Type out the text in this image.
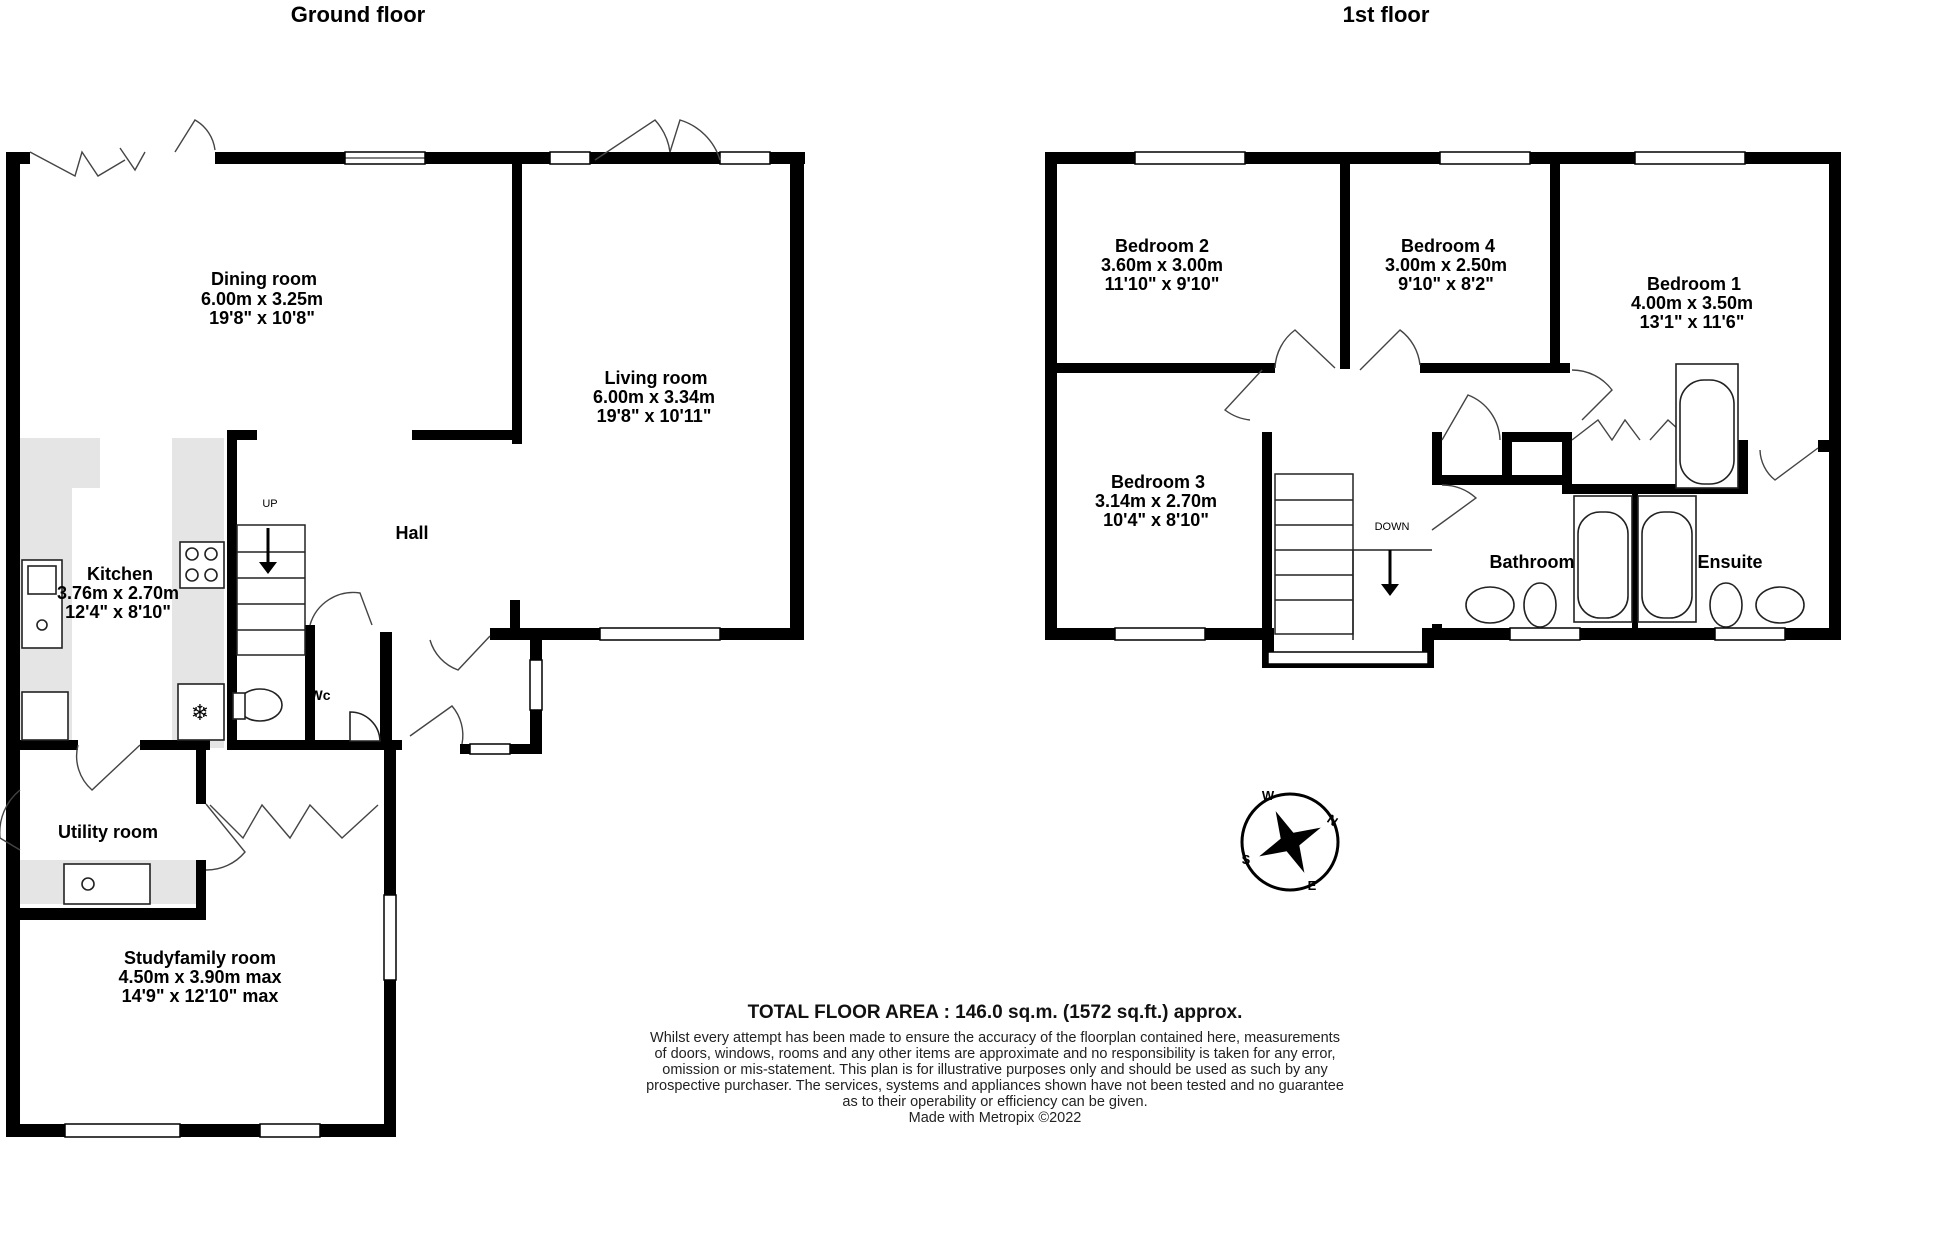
Ground floor	1st floor
UP
❄
Dining room
6.00m x 3.25m
19'8" x 10'8"
Living room
6.00m x 3.34m
19'8" x 10'11"
Kitchen
3.76m x 2.70m
12'4" x 8'10"
Hall
Wc
Utility room
Studyfamily room
4.50m x 3.90m max
14'9" x 12'10" max
DOWN
Bedroom 2
3.60m x 3.00m
11'10" x 9'10"
Bedroom 4
3.00m x 2.50m
9'10" x 8'2"	Bedroom 1
4.00m x 3.50m
13'1" x 11'6"
Bedroom 3
3.14m x 2.70m
10'4" x 8'10"
Bathroom	Ensuite
N
E
S
W
TOTAL FLOOR AREA : 146.0 sq.m. (1572 sq.ft.) approx.
Whilst every attempt has been made to ensure the accuracy of the floorplan contained here, measurements
of doors, windows, rooms and any other items are approximate and no responsibility is taken for any error,
omission or mis-statement. This plan is for illustrative purposes only and should be used as such by any
prospective purchaser. The services, systems and appliances shown have not been tested and no guarantee
as to their operability or efficiency can be given.
Made with Metropix ©2022
